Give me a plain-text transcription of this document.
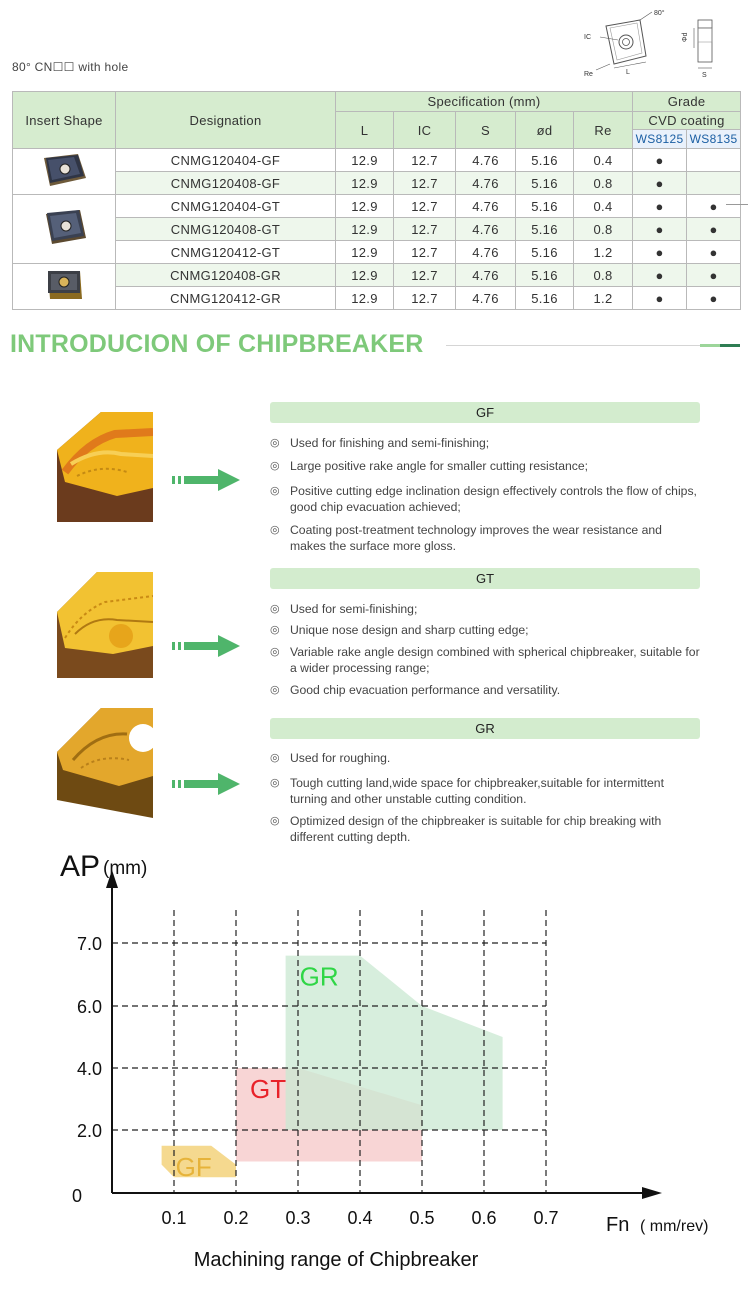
80° CN☐☐ with hole
80°
IC
Re	L
Φd
S
Insert Shape	Designation	Specification (mm)					Grade	
		L	IC	S	ød	Re	CVD coating	
							WS8125	WS8135
	CNMG120404-GF	12.9	12.7	4.76	5.16	0.4	●	
	CNMG120408-GF	12.9	12.7	4.76	5.16	0.8	●	
	CNMG120404-GT	12.9	12.7	4.76	5.16	0.4	●	●
	CNMG120408-GT	12.9	12.7	4.76	5.16	0.8	●	●
	CNMG120412-GT	12.9	12.7	4.76	5.16	1.2	●	●
	CNMG120408-GR	12.9	12.7	4.76	5.16	0.8	●	●
	CNMG120412-GR	12.9	12.7	4.76	5.16	1.2	●	●
INTRODUCION OF CHIPBREAKER
GF
◎ Used for finishing and semi-finishing;
◎ Large positive rake angle for smaller cutting resistance;
◎ Positive cutting edge inclination design effectively controls the flow of chips, good chip evacuation achieved;
◎ Coating post-treatment technology improves the wear resistance and makes the surface more gloss.
GT
◎ Used for semi-finishing;
◎ Unique nose design and sharp cutting edge;
◎ Variable rake angle design combined with spherical chipbreaker, suitable for a wider processing range;
◎ Good chip evacuation performance and versatility.
GR
◎ Used for roughing.
◎ Tough cutting land,wide space for chipbreaker,suitable for intermittent turning and other unstable cutting condition.
◎ Optimized design of the chipbreaker is suitable for chip breaking with different cutting depth.
0
2.0
4.0
6.0
7.0
0.1 0.2 0.3 0.4 0.5 0.6 0.7
GF
GT
GR
AP (mm)
Fn ( mm/rev)
Machining range of Chipbreaker
